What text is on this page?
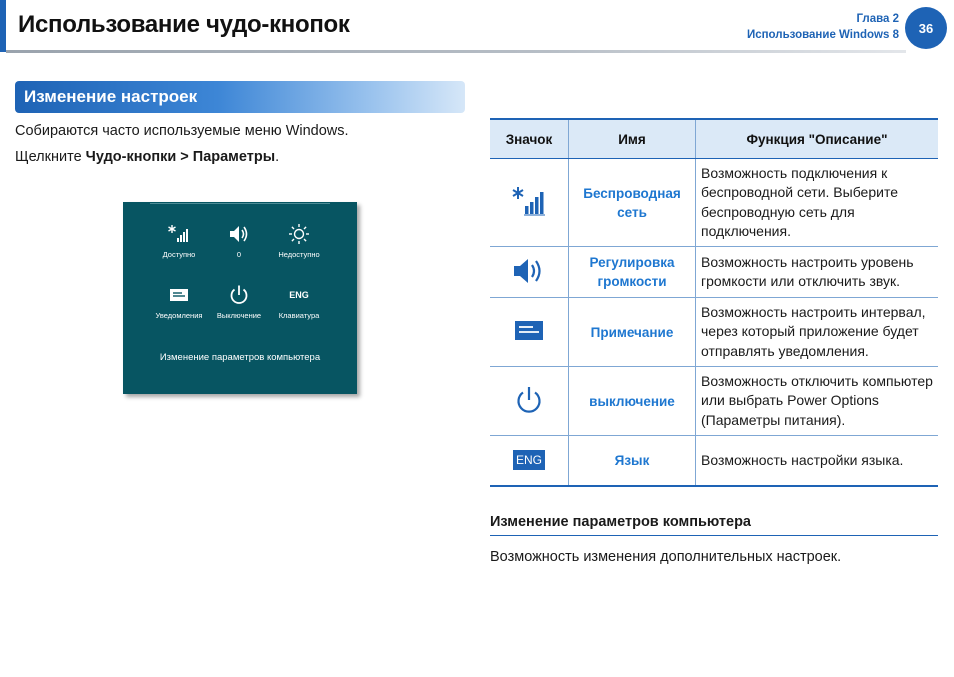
Использование чудо-кнопок	Глава 2
Использование Windows 8	36
Изменение настроек
Собираются часто используемые меню Windows.
Щелкните Чудо-кнопки > Параметры.
Доступно	0	Недоступно
Уведомления	Выключение
ENG
Клавиатура
Изменение параметров компьютера
Значок	Имя	Функция "Описание"
	Беспроводная сеть	Возможность подключения к беспроводной сети. Выберите беспроводную сеть для подключения.
	Регулировка громкости	Возможность настроить уровень громкости или отключить звук.
	Примечание	Возможность настроить интервал, через который приложение будет отправлять уведомления.
	выключение	Возможность отключить компьютер или выбрать Power Options (Параметры питания).
ENG	Язык	Возможность настройки языка.
Изменение параметров компьютера
Возможность изменения дополнительных настроек.
